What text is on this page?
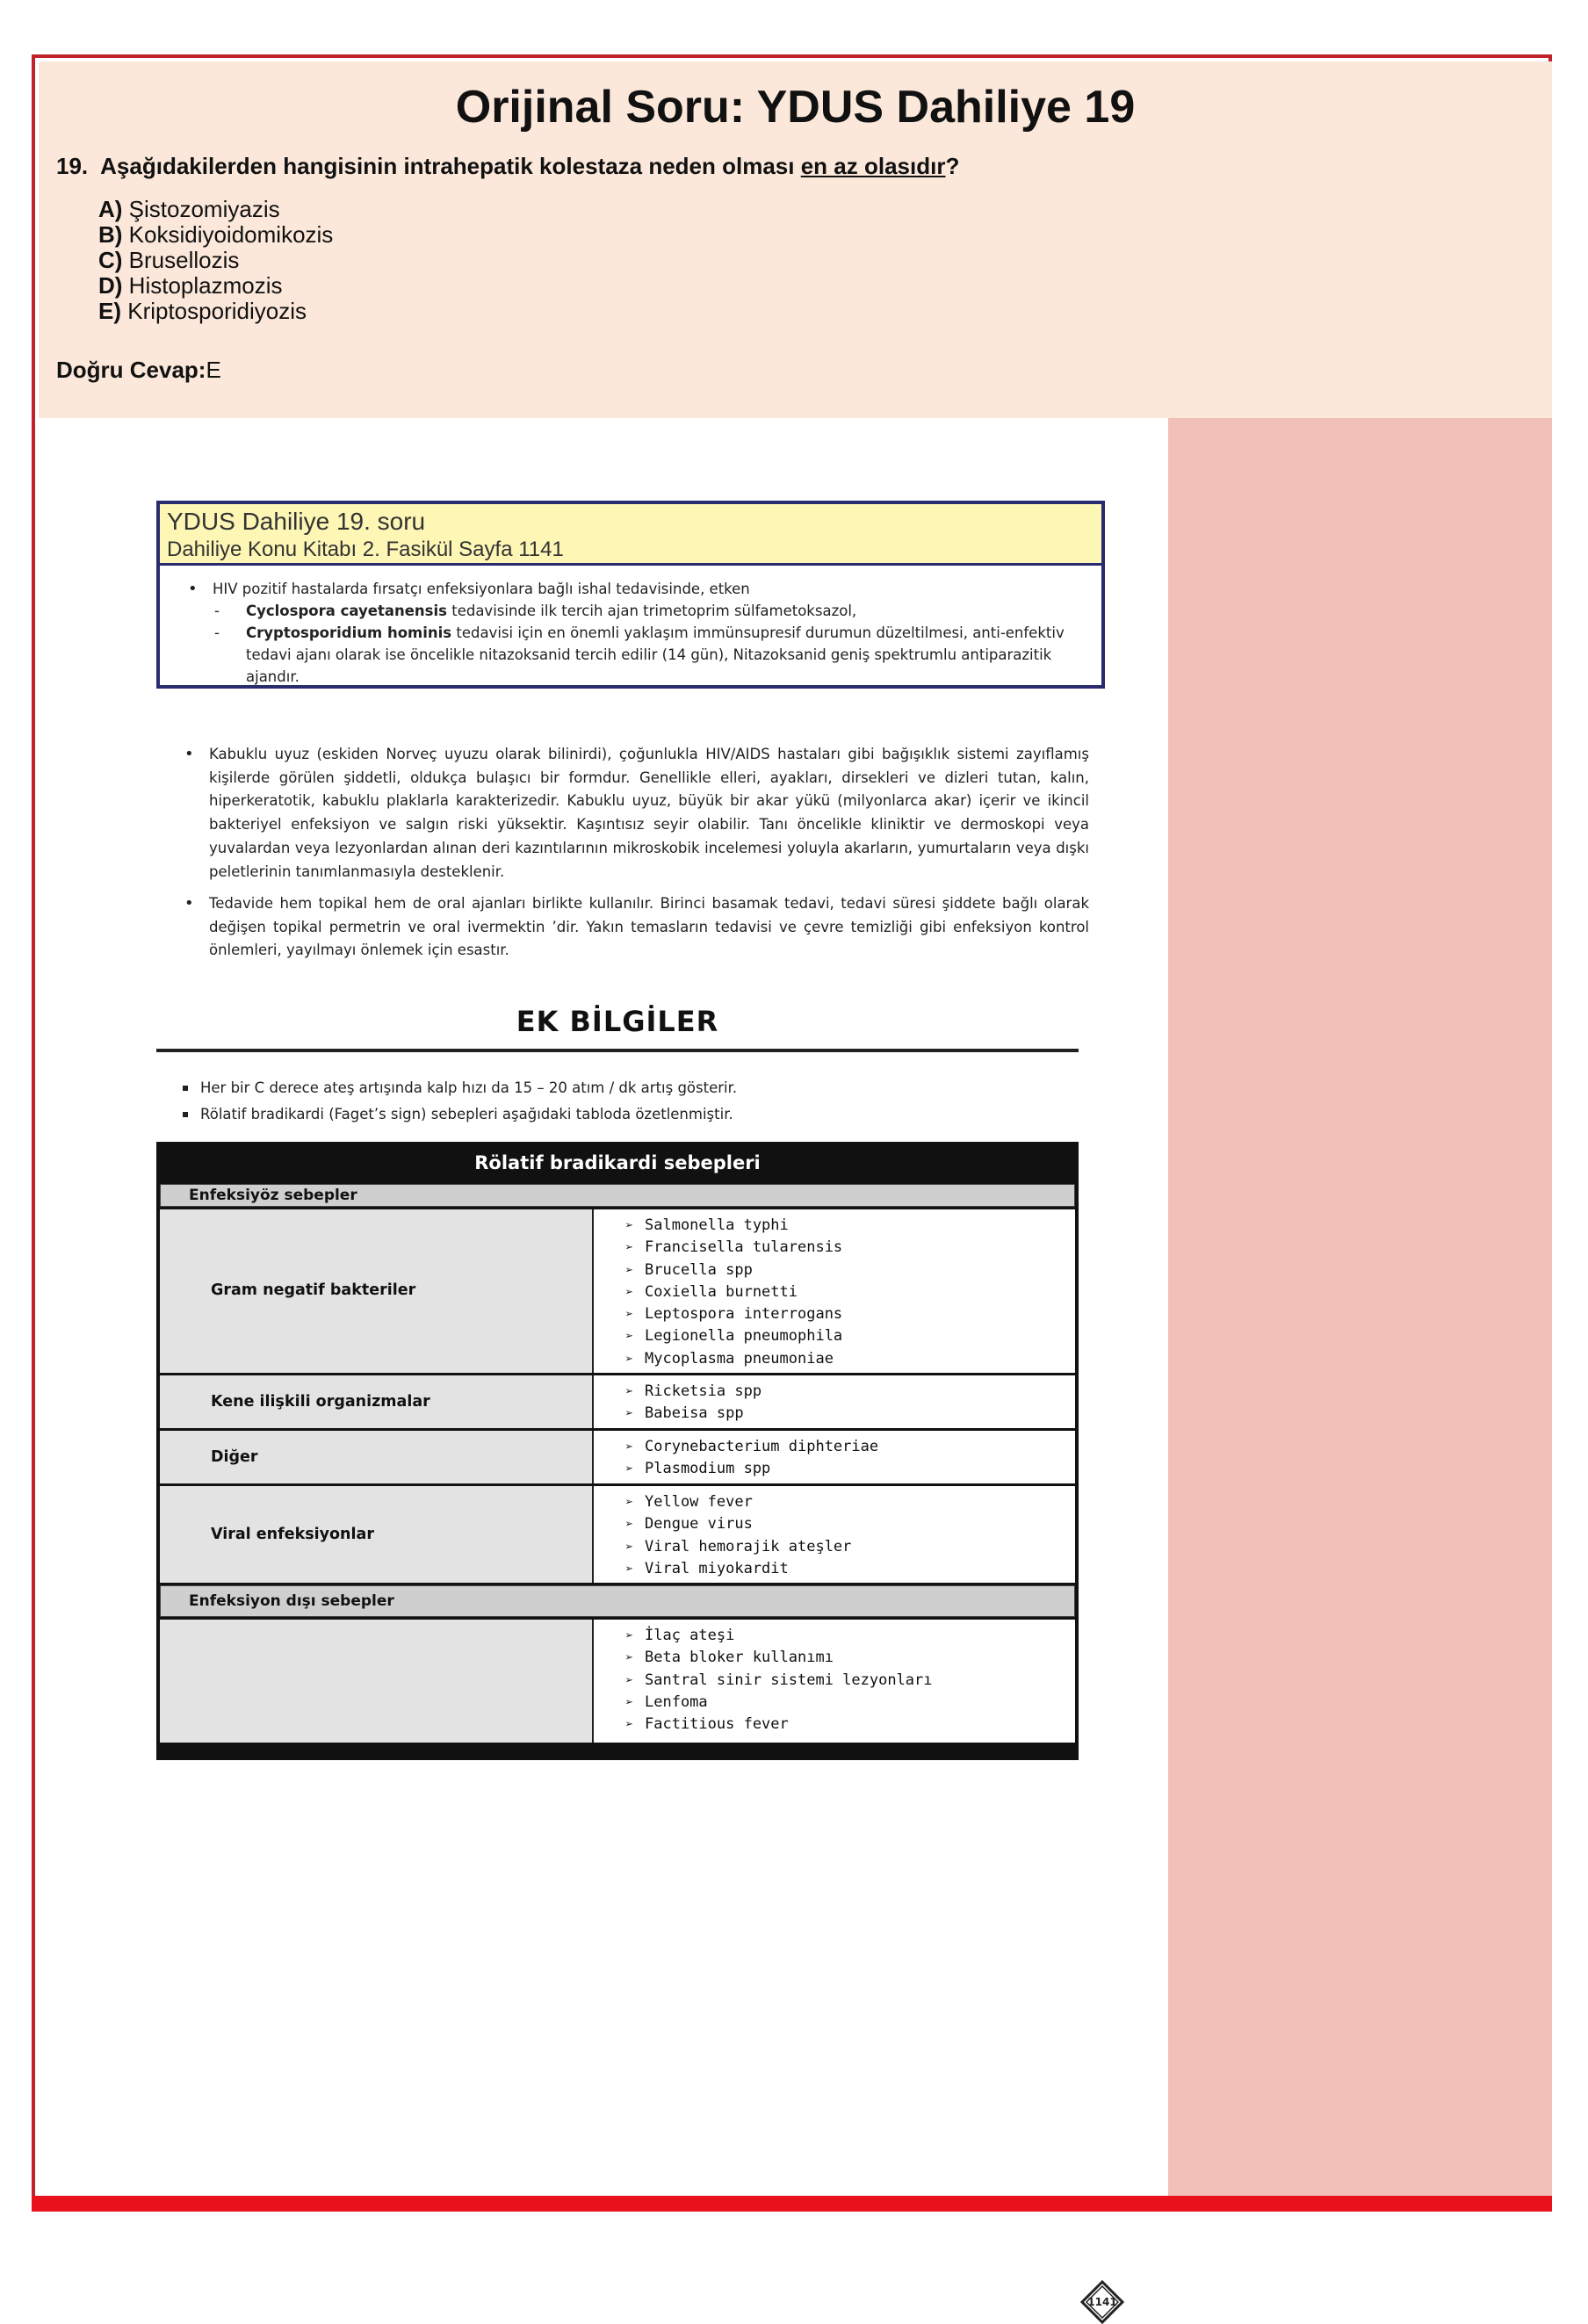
Orijinal Soru: YDUS Dahiliye 19
19. Aşağıdakilerden hangisinin intrahepatik kolestaza neden olması en az olasıdır?
A) Şistozomiyazis
B) Koksidiyoidomikozis
C) Brusellozis
D) Histoplazmozis
E) Kriptosporidiyozis
Doğru Cevap:E
YDUS Dahiliye 19. soru
Dahiliye Konu Kitabı 2. Fasikül Sayfa 1141
• HIV pozitif hastalarda fırsatçı enfeksiyonlara bağlı ishal tedavisinde, etken
- Cyclospora cayetanensis tedavisinde ilk tercih ajan trimetoprim sülfametoksazol,
- Cryptosporidium hominis tedavisi için en önemli yaklaşım immünsupresif durumun düzeltilmesi, anti-enfektiv tedavi ajanı olarak ise öncelikle nitazoksanid tercih edilir (14 gün), Nitazoksanid geniş spektrumlu antiparazitik ajandır.
• Kabuklu uyuz (eskiden Norveç uyuzu olarak bilinirdi), çoğunlukla HIV/AIDS hastaları gibi bağışıklık sistemi zayıflamış kişilerde görülen şiddetli, oldukça bulaşıcı bir formdur. Genellikle elleri, ayakları, dirsekleri ve dizleri tutan, kalın, hiperkeratotik, kabuklu plaklarla karakterizedir. Kabuklu uyuz, büyük bir akar yükü (milyonlarca akar) içerir ve ikincil bakteriyel enfeksiyon ve salgın riski yüksektir. Kaşıntısız seyir olabilir. Tanı öncelikle kliniktir ve dermoskopi veya yuvalardan veya lezyonlardan alınan deri kazıntılarının mikroskobik incelemesi yoluyla akarların, yumurtaların veya dışkı peletlerinin tanımlanmasıyla desteklenir.
• Tedavide hem topikal hem de oral ajanları birlikte kullanılır. Birinci basamak tedavi, tedavi süresi şiddete bağlı olarak değişen topikal permetrin ve oral ivermektin ’dir. Yakın temasların tedavisi ve çevre temizliği gibi enfeksiyon kontrol önlemleri, yayılmayı önlemek için esastır.
EK BİLGİLER
Her bir C derece ateş artışında kalp hızı da 15 – 20 atım / dk artış gösterir.
Rölatif bradikardi (Faget’s sign) sebepleri aşağıdaki tabloda özetlenmiştir.
Rölatif bradikardi sebepleri
Enfeksiyöz sebepler
Gram negatif bakteriler
➢ Salmonella typhi
➢ Francisella tularensis
➢ Brucella spp
➢ Coxiella burnetti
➢ Leptospora interrogans
➢ Legionella pneumophila
➢ Mycoplasma pneumoniae
Kene ilişkili organizmalar
➢ Ricketsia spp
➢ Babeisa spp
Diğer
➢ Corynebacterium diphteriae
➢ Plasmodium spp
Viral enfeksiyonlar
➢ Yellow fever
➢ Dengue virus
➢ Viral hemorajik ateşler
➢ Viral miyokardit
Enfeksiyon dışı sebepler
➢ İlaç ateşi
➢ Beta bloker kullanımı
➢ Santral sinir sistemi lezyonları
➢ Lenfoma
➢ Factitious fever
1141
